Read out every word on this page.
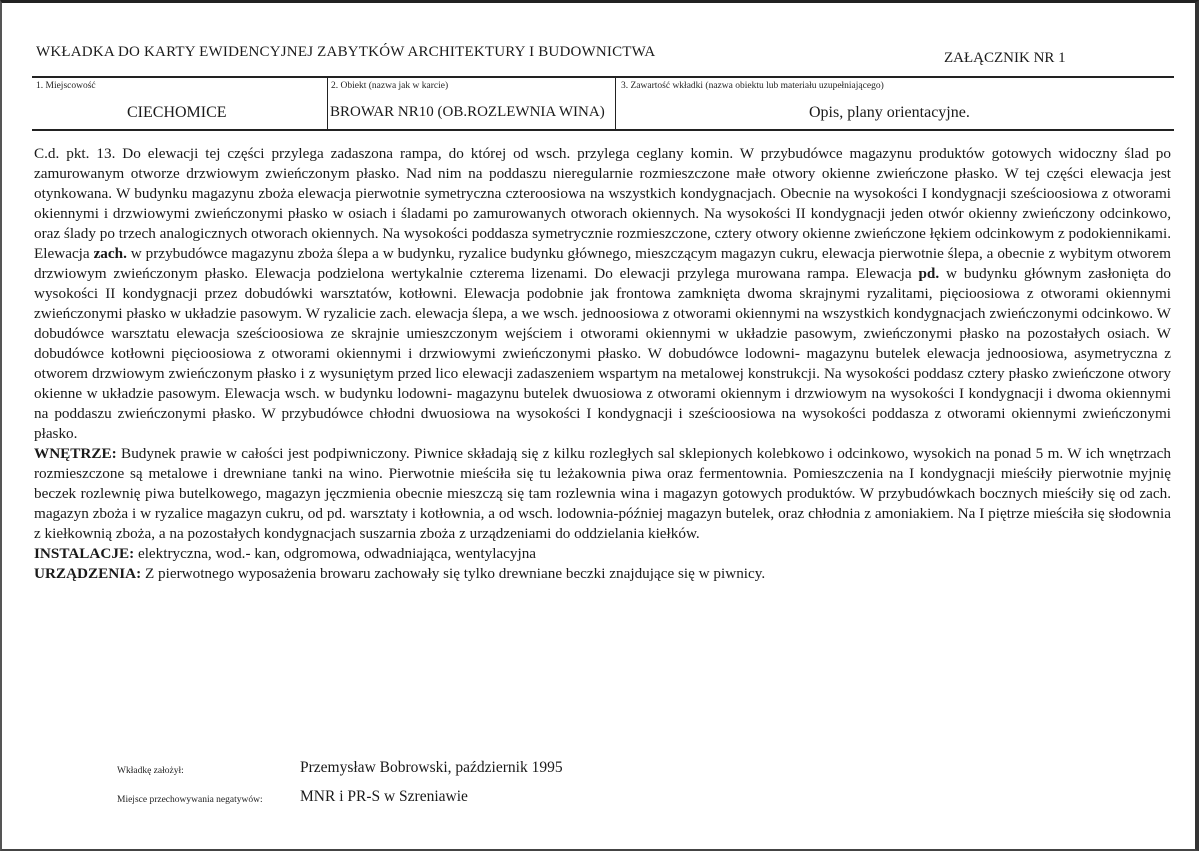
WKŁADKA DO KARTY EWIDENCYJNEJ ZABYTKÓW ARCHITEKTURY I BUDOWNICTWA	ZAŁĄCZNIK NR 1
1. Miejscowość
CIECHOMICE
2. Obiekt (nazwa jak w karcie)
BROWAR NR10 (OB.ROZLEWNIA WINA)
3. Zawartość wkładki (nazwa obiektu lub materiału uzupełniającego)
Opis, plany orientacyjne.

C.d. pkt. 13. Do elewacji tej części przylega zadaszona rampa, do której od wsch. przylega ceglany komin. W przybudówce magazynu produktów gotowych widoczny ślad po zamurowanym otworze drzwiowym zwieńczonym płasko. Nad nim na poddaszu nieregularnie rozmieszczone małe otwory okienne zwieńczone płasko. W tej części elewacja jest otynkowana. W budynku magazynu zboża elewacja pierwotnie symetryczna czteroosiowa na wszystkich kondygnacjach. Obecnie na wysokości I kondygnacji sześcioosiowa z otworami okiennymi i drzwiowymi zwieńczonymi płasko w osiach i śladami po zamurowanych otworach okiennych. Na wysokości II kondygnacji jeden otwór okienny zwieńczony odcinkowo, oraz ślady po trzech analogicznych otworach okiennych. Na wysokości poddasza symetrycznie rozmieszczone, cztery otwory okienne zwieńczone łękiem odcinkowym z podokiennikami. Elewacja zach. w przybudówce magazynu zboża ślepa a w budynku, ryzalice budynku głównego, mieszczącym magazyn cukru, elewacja pierwotnie ślepa, a obecnie z wybitym otworem drzwiowym zwieńczonym płasko. Elewacja podzielona wertykalnie czterema lizenami. Do elewacji przylega murowana rampa. Elewacja pd. w budynku głównym zasłonięta do wysokości II kondygnacji przez dobudówki warsztatów, kotłowni. Elewacja podobnie jak frontowa zamknięta dwoma skrajnymi ryzalitami, pięcioosiowa z otworami okiennymi zwieńczonymi płasko w układzie pasowym. W ryzalicie zach. elewacja ślepa, a we wsch. jednoosiowa z otworami okiennymi na wszystkich kondygnacjach zwieńczonymi odcinkowo. W dobudówce warsztatu elewacja sześcioosiowa ze skrajnie umieszczonym wejściem i otworami okiennymi w układzie pasowym, zwieńczonymi płasko na pozostałych osiach. W dobudówce kotłowni pięcioosiowa z otworami okiennymi i drzwiowymi zwieńczonymi płasko. W dobudówce lodowni- magazynu butelek elewacja jednoosiowa, asymetryczna z otworem drzwiowym zwieńczonym płasko i z wysuniętym przed lico elewacji zadaszeniem wspartym na metalowej konstrukcji. Na wysokości poddasz cztery płasko zwieńczone otwory okienne w układzie pasowym. Elewacja wsch. w budynku lodowni- magazynu butelek dwuosiowa z otworami okiennym i drzwiowym na wysokości I kondygnacji i dwoma okiennymi na poddaszu zwieńczonymi płasko. W przybudówce chłodni dwuosiowa na wysokości I kondygnacji i sześcioosiowa na wysokości poddasza z otworami okiennymi zwieńczonymi płasko.

WNĘTRZE: Budynek prawie w całości jest podpiwniczony. Piwnice składają się z kilku rozległych sal sklepionych kolebkowo i odcinkowo, wysokich na ponad 5 m. W ich wnętrzach rozmieszczone są metalowe i drewniane tanki na wino. Pierwotnie mieściła się tu leżakownia piwa oraz fermentownia. Pomieszczenia na I kondygnacji mieściły pierwotnie myjnię beczek rozlewnię piwa butelkowego, magazyn jęczmienia obecnie mieszczą się tam rozlewnia wina i magazyn gotowych produktów. W przybudówkach bocznych mieściły się od zach. magazyn zboża i w ryzalice magazyn cukru, od pd. warsztaty i kotłownia, a od wsch. lodownia-później magazyn butelek, oraz chłodnia z amoniakiem. Na I piętrze mieściła się słodownia z kiełkownią zboża, a na pozostałych kondygnacjach suszarnia zboża z urządzeniami do oddzielania kiełków.

INSTALACJE: elektryczna, wod.- kan, odgromowa, odwadniająca, wentylacyjna

URZĄDZENIA: Z pierwotnego wyposażenia browaru zachowały się tylko drewniane beczki znajdujące się w piwnicy.

Wkładkę założył:	Przemysław Bobrowski, październik 1995
Miejsce przechowywania negatywów: MNR i PR-S w Szreniawie
